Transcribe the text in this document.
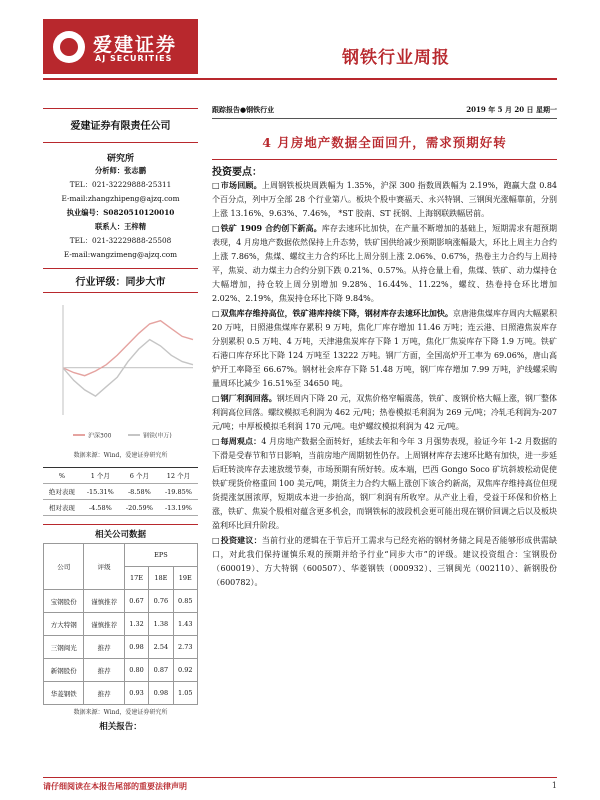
爱建证券
AJ SECURITIES	钢铁行业周报
爱建证券有限责任公司
研究所
分析师：张志鹏
TEL：021-32229888-25311
E-mail:zhangzhipeng@ajzq.com
执业编号：S0820510120010
联系人：王梓精
TEL：021-32229888-25508
E-mail:wangzimeng@ajzq.com
行业评级：同步大市
沪深300	钢铁(申万)
数据来源：Wind，爱建证券研究所
%	1 个月	6 个月	12 个月
绝对表现	-15.31%	-8.58%	-19.85%
相对表现	-4.58%	-20.59%	-13.19%
相关公司数据
公司	评级	EPS		
		17E	18E	19E
宝钢股份	谨慎推荐	0.67	0.76	0.85
方大特钢	谨慎推荐	1.32	1.38	1.43
三钢闽光	推荐	0.98	2.54	2.73
新钢股份	推荐	0.80	0.87	0.92
华菱钢铁	推荐	0.93	0.98	1.05
数据来源：Wind，爱建证券研究所
相关报告：
跟踪报告●钢铁行业	2019 年 5 月 20 日 星期一
4 月房地产数据全面回升，需求预期好转
投资要点：

□ 市场回顾。上周钢铁板块周跌幅为 1.35%，沪深 300 指数周跌幅为 2.19%，跑赢大盘 0.84 个百分点，列中万全部 28 个行业第八。板块个股中赛福天、永兴特钢、三钢闽光涨幅靠前，分别上涨 13.16%、9.63%、7.46%， *ST 胶南、ST 抚钢、上海钢联跌幅居前。

□ 铁矿 1909 合约创下新高。库存去速环比加快，在产量不断增加的基础上，短期需求有超预期表现，4 月房地产数据依然保持上升态势，铁矿国供给减少预期影响涨幅最大，环比上周主力合约上涨 7.86%，焦煤、螺纹主力合约环比上周分别上涨 2.06%、0.67%，热卷主力合约与上周持平，焦炭、动力煤主力合约分别下跌 0.21%、0.57%。从持仓量上看，焦煤、铁矿、动力煤持仓大幅增加，持仓较上周分别增加 9.28%、16.44%、11.22%，螺纹、热卷持仓环比增加 2.02%、2.19%，焦炭持仓环比下降 9.84%。

□ 双焦库存维持高位，铁矿港库持续下降，钢材库存去速环比加快。京唐港焦煤库存周内大幅累积 20 万吨，日照港焦煤库存累积 9 万吨，焦化厂库存增加 11.46 万吨；连云港、日照港焦炭库存分别累积 0.5 万吨、4 万吨，天津港焦炭库存下降 1 万吨，焦化厂焦炭库存下降 1.9 万吨。铁矿石港口库存环比下降 124 万吨至 13222 万吨。钢厂方面，全国高炉开工率为 69.06%，唐山高炉开工率降至 66.67%。钢材社会库存下降 51.48 万吨，钢厂库存增加 7.99 万吨，沪线螺采购量周环比减少 16.51%至 34650 吨。

□ 钢厂利润回落。钢坯周内下降 20 元，双焦价格窄幅震荡，铁矿、废钢价格大幅上涨，钢厂整体利润高位回落。螺纹模拟毛利润为 462 元/吨；热卷模拟毛利润为 269 元/吨；冷轧毛利润为-207 元/吨；中厚板模拟毛利润 170 元/吨。电炉螺纹模拟利润为 42 元/吨。

□ 每周观点：4 月房地产数据全面转好，延续去年和今年 3 月强势表现，验证今年 1-2 月数据的下滑是受春节和节日影响，当前房地产周期韧性仍存。上周钢材库存去速环比略有加快，进一步延后旺转淡库存去速放缓节奏，市场预期有所好转。成本端，巴西 Gongo Soco 矿坑斜坡松动促使铁矿现货价格重回 100 美元/吨，期货主力合约大幅上涨创下该合约新高，双焦库存维持高位但现货提涨氛围浓厚，短期成本进一步抬高，钢厂利润有所收窄。从产业上看，受益于环保和价格上涨，铁矿、焦炭个股相对蕴含更多机会，而钢铁标的波段机会更可能出现在钢价回调之后以及板块盈利环比回升阶段。

□ 投资建议：当前行业的逻辑在于节后开工需求与已经充裕的钢材务储之间是否能够形成供需缺口，对此我们保持谨慎乐观的预期并给予行业“同步大市”的评级。建议投资组合：宝钢股份（600019）、方大特钢（600507）、华菱钢铁（000932）、三钢闽光（002110）、新钢股份（600782）。

请仔细阅读在本报告尾部的重要法律声明	1
